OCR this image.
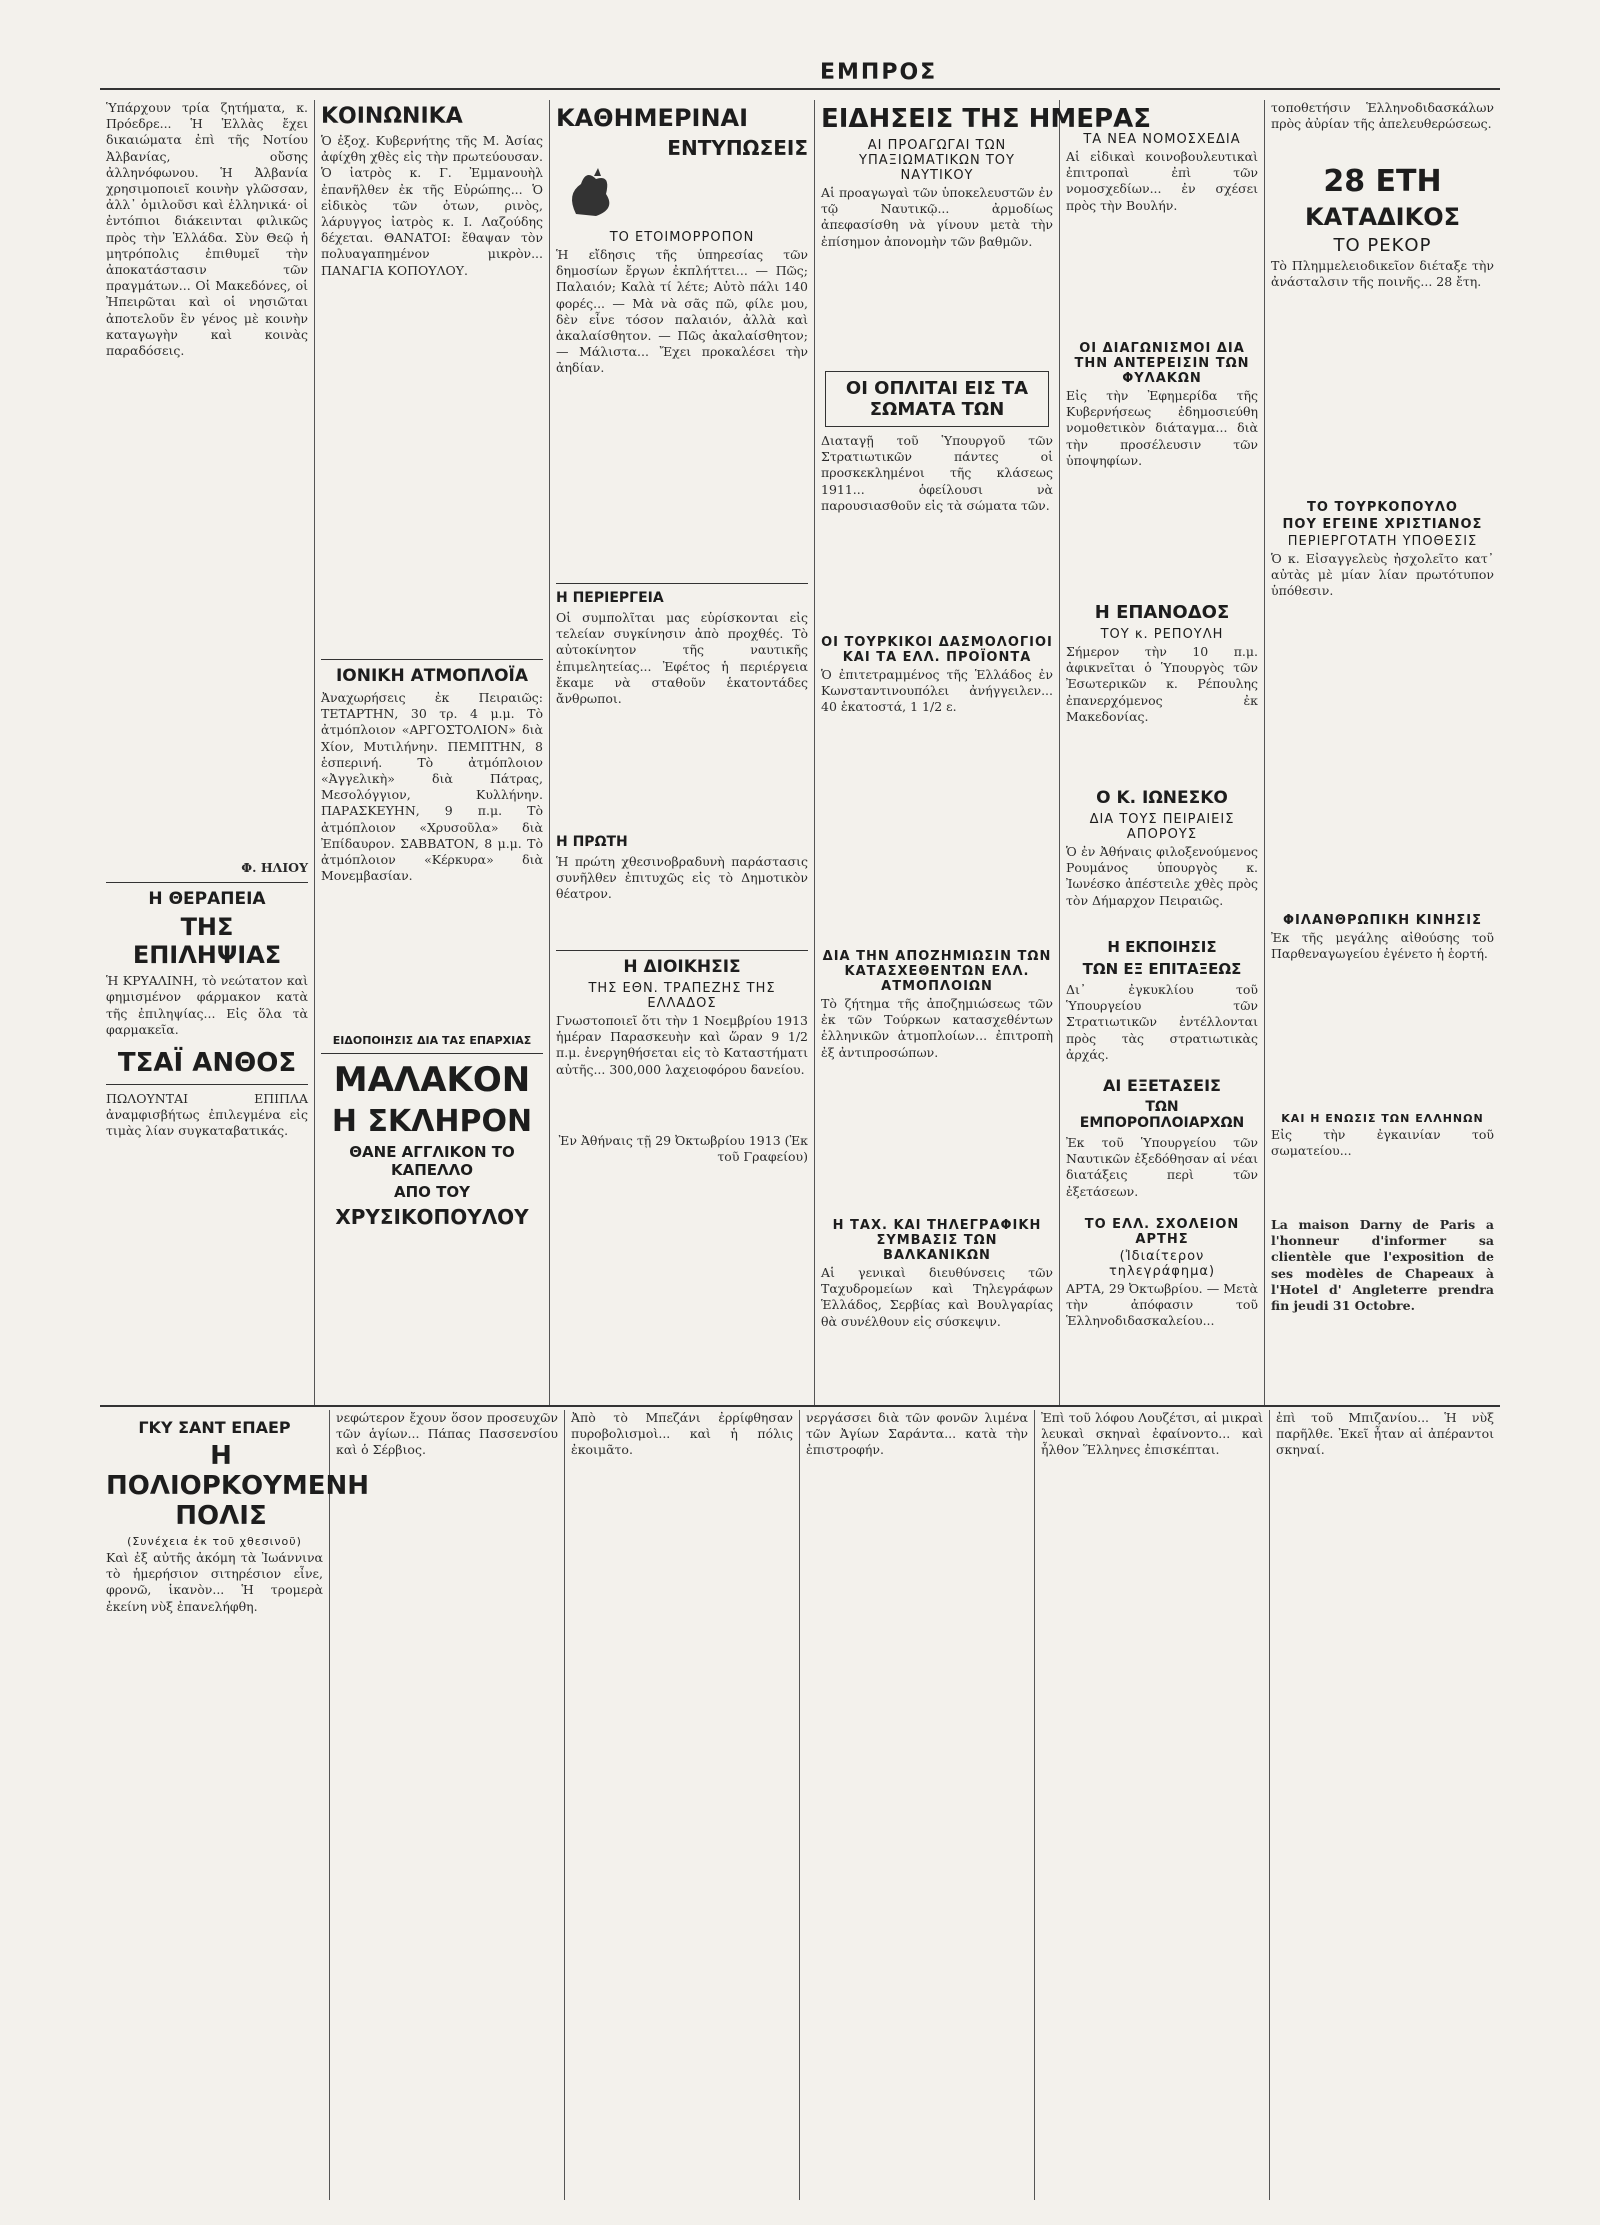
ΕΜΠΡΟΣ

Ὑπάρχουν τρία ζητήματα, κ. Πρόεδρε... Ἡ Ἑλλὰς ἔχει δικαιώματα ἐπὶ τῆς Νοτίου Ἀλβανίας, οὔσης ἀλληνόφωνου. Ἡ Ἀλβανία χρησιμοποιεῖ κοινὴν γλῶσσαν, ἀλλ᾽ ὁμιλοῦσι καὶ ἑλληνικά· οἱ ἐντόπιοι διάκεινται φιλικῶς πρὸς τὴν Ἑλλάδα. Σὺν Θεῷ ἡ μητρόπολις ἐπιθυμεῖ τὴν ἀποκατάστασιν τῶν πραγμάτων... Οἱ Μακεδόνες, οἱ Ἠπειρῶται καὶ οἱ νησιῶται ἀποτελοῦν ἓν γένος μὲ κοινὴν καταγωγὴν καὶ κοινὰς παραδόσεις.

Φ. ΗΛΙΟΥ

Η ΘΕΡΑΠΕΙΑ
ΤΗΣ ΕΠΙΛΗΨΙΑΣ

Ἡ ΚΡΥΑΛΙΝΗ, τὸ νεώτατον καὶ φημισμένον φάρμακον κατὰ τῆς ἐπιληψίας... Εἰς ὅλα τὰ φαρμακεῖα.

ΤΣΑΪ ΑΝΘΟΣ

ΠΩΛΟΥΝΤΑΙ ΕΠΙΠΛΑ ἀναμφισβήτως ἐπιλεγμένα εἰς τιμὰς λίαν συγκαταβατικάς.

ΚΟΙΝΩΝΙΚΑ

Ὁ ἐξοχ. Κυβερνήτης τῆς Μ. Ἀσίας ἀφίχθη χθὲς εἰς τὴν πρωτεύουσαν. Ὁ ἰατρὸς κ. Γ. Ἐμμανουὴλ ἐπανῆλθεν ἐκ τῆς Εὐρώπης... Ὁ εἰδικὸς τῶν ὀτων, ρινὸς, λάρυγγος ἰατρὸς κ. Ι. Λαζούδης δέχεται. ΘΑΝΑΤΟΙ: ἔθαψαν τὸν πολυαγαπημένον μικρὸν... ΠΑΝΑΓΙΑ ΚΟΠΟΥΛΟΥ.

ΙΟΝΙΚΗ ΑΤΜΟΠΛΟΪΑ

Ἀναχωρήσεις ἐκ Πειραιῶς: ΤΕΤΑΡΤΗΝ, 30 τρ. 4 μ.μ. Τὸ ἀτμόπλοιον «ΑΡΓΟΣΤΟΛΙΟΝ» διὰ Χίον, Μυτιλήνην. ΠΕΜΠΤΗΝ, 8 ἑσπερινή. Τὸ ἀτμόπλοιον «Ἀγγελικὴ» διὰ Πάτρας, Μεσολόγγιον, Κυλλήνην. ΠΑΡΑΣΚΕΥΗΝ, 9 π.μ. Τὸ ἀτμόπλοιον «Χρυσοῦλα» διὰ Ἐπίδαυρον. ΣΑΒΒΑΤΟΝ, 8 μ.μ. Τὸ ἀτμόπλοιον «Κέρκυρα» διὰ Μονεμβασίαν.

ΕΙΔΟΠΟΙΗΣΙΣ ΔΙΑ ΤΑΣ ΕΠΑΡΧΙΑΣ
ΜΑΛΑΚΟΝ
Η ΣΚΛΗΡΟΝ
ΘΑΝΕ ΑΓΓΛΙΚΟΝ ΤΟ ΚΑΠΕΛΛΟ
ΑΠΟ ΤΟΥ
ΧΡΥΣΙΚΟΠΟΥΛΟΥ
ΚΑΘΗΜΕΡΙΝΑΙ
ΕΝΤΥΠΩΣΕΙΣ
ΤΟ ΕΤΟΙΜΟΡΡΟΠΟΝ

Ἡ εἴδησις τῆς ὑπηρεσίας τῶν δημοσίων ἔργων ἐκπλήττει... — Πῶς; Παλαιόν; Καλὰ τί λέτε; Αὐτὸ πάλι 140 φορές... — Μὰ νὰ σᾶς πῶ, φίλε μου, δὲν εἶνε τόσον παλαιόν, ἀλλὰ καὶ ἀκαλαίσθητον. — Πῶς ἀκαλαίσθητον; — Μάλιστα... Ἔχει προκαλέσει τὴν ἀηδίαν.

Η ΠΕΡΙΕΡΓΕΙΑ

Οἱ συμπολῖται μας εὑρίσκονται εἰς τελείαν συγκίνησιν ἀπὸ προχθές. Τὸ αὐτοκίνητον τῆς ναυτικῆς ἐπιμελητείας... Ἐφέτος ἡ περιέργεια ἔκαμε νὰ σταθοῦν ἑκατοντάδες ἄνθρωποι.

Η ΠΡΩΤΗ

Ἡ πρώτη χθεσινοβραδυνὴ παράστασις συνῆλθεν ἐπιτυχῶς εἰς τὸ Δημοτικὸν θέατρον.

Η ΔΙΟΙΚΗΣΙΣ
ΤΗΣ ΕΘΝ. ΤΡΑΠΕΖΗΣ ΤΗΣ ΕΛΛΑΔΟΣ

Γνωστοποιεῖ ὅτι τὴν 1 Νοεμβρίου 1913 ἡμέραν Παρασκευὴν καὶ ὥραν 9 1/2 π.μ. ἐνεργηθήσεται εἰς τὸ Καταστήματι αὐτῆς... 300,000 λαχειοφόρου δανείου.

Ἐν Ἀθήναις τῇ 29 Ὀκτωβρίου 1913 (Ἐκ τοῦ Γραφείου)

ΕΙΔΗΣΕΙΣ ΤΗΣ ΗΜΕΡΑΣ
ΑΙ ΠΡΟΑΓΩΓΑΙ ΤΩΝ ΥΠΑΞΙΩΜΑΤΙΚΩΝ ΤΟΥ ΝΑΥΤΙΚΟΥ

Αἱ προαγωγαὶ τῶν ὑποκελευστῶν ἐν τῷ Ναυτικῷ... ἀρμοδίως ἀπεφασίσθη νὰ γίνουν μετὰ τὴν ἐπίσημον ἀπονομὴν τῶν βαθμῶν.

ΟΙ ΟΠΛΙΤΑΙ ΕΙΣ ΤΑ ΣΩΜΑΤΑ ΤΩΝ

Διαταγῇ τοῦ Ὑπουργοῦ τῶν Στρατιωτικῶν πάντες οἱ προσκεκλημένοι τῆς κλάσεως 1911... ὁφείλουσι νὰ παρουσιασθοῦν εἰς τὰ σώματα τῶν.

ΟΙ ΤΟΥΡΚΙΚΟΙ ΔΑΣΜΟΛΟΓΙΟΙ ΚΑΙ ΤΑ ΕΛΛ. ΠΡΟΪΟΝΤΑ

Ὁ ἐπιτετραμμένος τῆς Ἑλλάδος ἐν Κωνσταντινουπόλει ἀνήγγειλεν... 40 ἑκατοστά, 1 1/2 ε.

ΔΙΑ ΤΗΝ ΑΠΟΖΗΜΙΩΣΙΝ ΤΩΝ ΚΑΤΑΣΧΕΘΕΝΤΩΝ ΕΛΛ. ΑΤΜΟΠΛΟΙΩΝ

Τὸ ζήτημα τῆς ἀποζημιώσεως τῶν ἐκ τῶν Τούρκων κατασχεθέντων ἑλληνικῶν ἀτμοπλοίων... ἐπιτροπὴ ἐξ ἀντιπροσώπων.

Η ΤΑΧ. ΚΑΙ ΤΗΛΕΓΡΑΦΙΚΗ ΣΥΜΒΑΣΙΣ ΤΩΝ ΒΑΛΚΑΝΙΚΩΝ

Αἱ γενικαὶ διευθύνσεις τῶν Ταχυδρομείων καὶ Τηλεγράφων Ἑλλάδος, Σερβίας καὶ Βουλγαρίας θὰ συνέλθουν εἰς σύσκεψιν.

ΤΑ ΝΕΑ ΝΟΜΟΣΧΕΔΙΑ

Αἱ εἰδικαὶ κοινοβουλευτικαὶ ἐπιτροπαὶ ἐπὶ τῶν νομοσχεδίων... ἐν σχέσει πρὸς τὴν Βουλήν.

ΟΙ ΔΙΑΓΩΝΙΣΜΟΙ ΔΙΑ ΤΗΝ ΑΝΤΕΡΕΙΣΙΝ ΤΩΝ ΦΥΛΑΚΩΝ

Εἰς τὴν Ἐφημερίδα τῆς Κυβερνήσεως ἐδημοσιεύθη νομοθετικὸν διάταγμα... διὰ τὴν προσέλευσιν τῶν ὑποψηφίων.

Η ΕΠΑΝΟΔΟΣ
ΤΟΥ κ. ΡΕΠΟΥΛΗ

Σήμερον τὴν 10 π.μ. ἀφικνεῖται ὁ Ὑπουργὸς τῶν Ἐσωτερικῶν κ. Ρέπουλης ἐπανερχόμενος ἐκ Μακεδονίας.

Ο Κ. ΙΩΝΕΣΚΟ
ΔΙΑ ΤΟΥΣ ΠΕΙΡΑΙΕΙΣ ΑΠΟΡΟΥΣ

Ὁ ἐν Ἀθήναις φιλοξενούμενος Ρουμάνος ὑπουργὸς κ. Ἰωνέσκο ἀπέστειλε χθὲς πρὸς τὸν Δήμαρχον Πειραιῶς.

Η ΕΚΠΟΙΗΣΙΣ
ΤΩΝ ΕΞ ΕΠΙΤΑΞΕΩΣ

Δι᾽ ἐγκυκλίου τοῦ Ὑπουργείου τῶν Στρατιωτικῶν ἐντέλλονται πρὸς τὰς στρατιωτικὰς ἀρχάς.

ΑΙ ΕΞΕΤΑΣΕΙΣ
ΤΩΝ ΕΜΠΟΡΟΠΛΟΙΑΡΧΩΝ

Ἐκ τοῦ Ὑπουργείου τῶν Ναυτικῶν ἐξεδόθησαν αἱ νέαι διατάξεις περὶ τῶν ἐξετάσεων.

ΤΟ ΕΛΛ. ΣΧΟΛΕΙΟΝ ΑΡΤΗΣ
(Ἰδιαίτερον τηλεγράφημα)

ΑΡΤΑ, 29 Ὀκτωβρίου. — Μετὰ τὴν ἀπόφασιν τοῦ Ἑλληνοδιδασκαλείου...

τοποθετήσιν Ἑλληνοδιδασκάλων πρὸς ἀὐρίαν τῆς ἀπελευθερώσεως.

28 ΕΤΗ
ΚΑΤΑΔΙΚΟΣ
ΤΟ ΡΕΚΟΡ

Τὸ Πλημμελειοδικεῖον διέταξε τὴν ἀνάσταλσιν τῆς ποινῆς... 28 ἔτη.

ΤΟ ΤΟΥΡΚΟΠΟΥΛΟ
ΠΟΥ ΕΓΕΙΝΕ ΧΡΙΣΤΙΑΝΟΣ
ΠΕΡΙΕΡΓΟΤΑΤΗ ΥΠΟΘΕΣΙΣ

Ὁ κ. Εἰσαγγελεὺς ἠσχολεῖτο κατ᾽ αὐτὰς μὲ μίαν λίαν πρωτότυπον ὑπόθεσιν.

ΦΙΛΑΝΘΡΩΠΙΚΗ ΚΙΝΗΣΙΣ

Ἐκ τῆς μεγάλης αἰθούσης τοῦ Παρθεναγωγείου ἐγένετο ἡ ἑορτή.

ΚΑΙ Η ΕΝΩΣΙΣ ΤΩΝ ΕΛΛΗΝΩΝ

Εἰς τὴν ἐγκαινίαν τοῦ σωματείου...

La maison Darny de Paris a l'honneur d'informer sa clientèle que l'exposition de ses modèles de Chapeaux à l'Hotel d' Angleterre prendra fin jeudi 31 Octobre.

ΓΚΥ ΣΑΝΤ ΕΠΑΕΡ
Η ΠΟΛΙΟΡΚΟΥΜΕΝΗ ΠΟΛΙΣ
(Συνέχεια ἐκ τοῦ χθεσινοῦ)

Καὶ ἐξ αὐτῆς ἀκόμη τὰ Ἰωάννινα τὸ ἡμερήσιον σιτηρέσιον εἶνε, φρονῶ, ἱκανὸν... Ἡ τρομερὰ ἐκείνη νὺξ ἐπανελήφθη.

νεφώτερον ἔχουν ὅσον προσευχῶν τῶν ἁγίων... Πάπας Πασσενσίου καὶ ὁ Σέρβιος.

Ἀπὸ τὸ Μπεζάνι ἐρρίφθησαν πυροβολισμοὶ... καὶ ἡ πόλις ἐκοιμᾶτο.

νεργάσσει διὰ τῶν φονῶν λιμένα τῶν Ἀγίων Σαράντα... κατὰ τὴν ἐπιστροφήν.

Ἐπὶ τοῦ λόφου Λουζέτσι, αἱ μικραὶ λευκαὶ σκηναὶ ἐφαίνοντο... καὶ ἦλθον Ἕλληνες ἐπισκέπται.

ἐπὶ τοῦ Μπιζανίου... Ἡ νὺξ παρῆλθε. Ἐκεῖ ἦταν αἱ ἀπέραντοι σκηναί.
